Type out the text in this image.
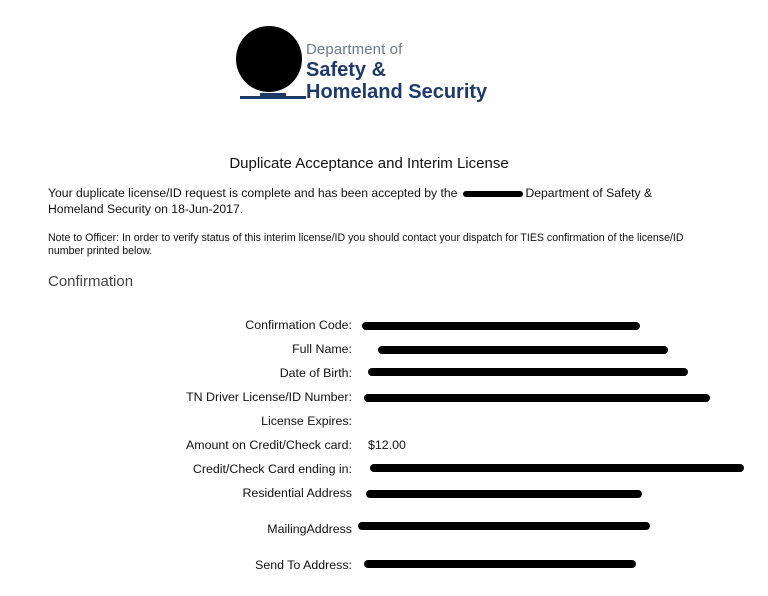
Department of
Safety &
Homeland Security
Duplicate Acceptance and Interim License
Your duplicate license/ID request is complete and has been accepted by the	Department of Safety & Homeland Security on 18-Jun-2017.
Note to Officer: In order to verify status of this interim license/ID you should contact your dispatch for TIES confirmation of the license/ID number printed below.
Confirmation
Confirmation Code:
Full Name:
Date of Birth:
TN Driver License/ID Number:
License Expires:
Amount on Credit/Check card: $12.00
Credit/Check Card ending in:
Residential Address
MailingAddress
Send To Address:
